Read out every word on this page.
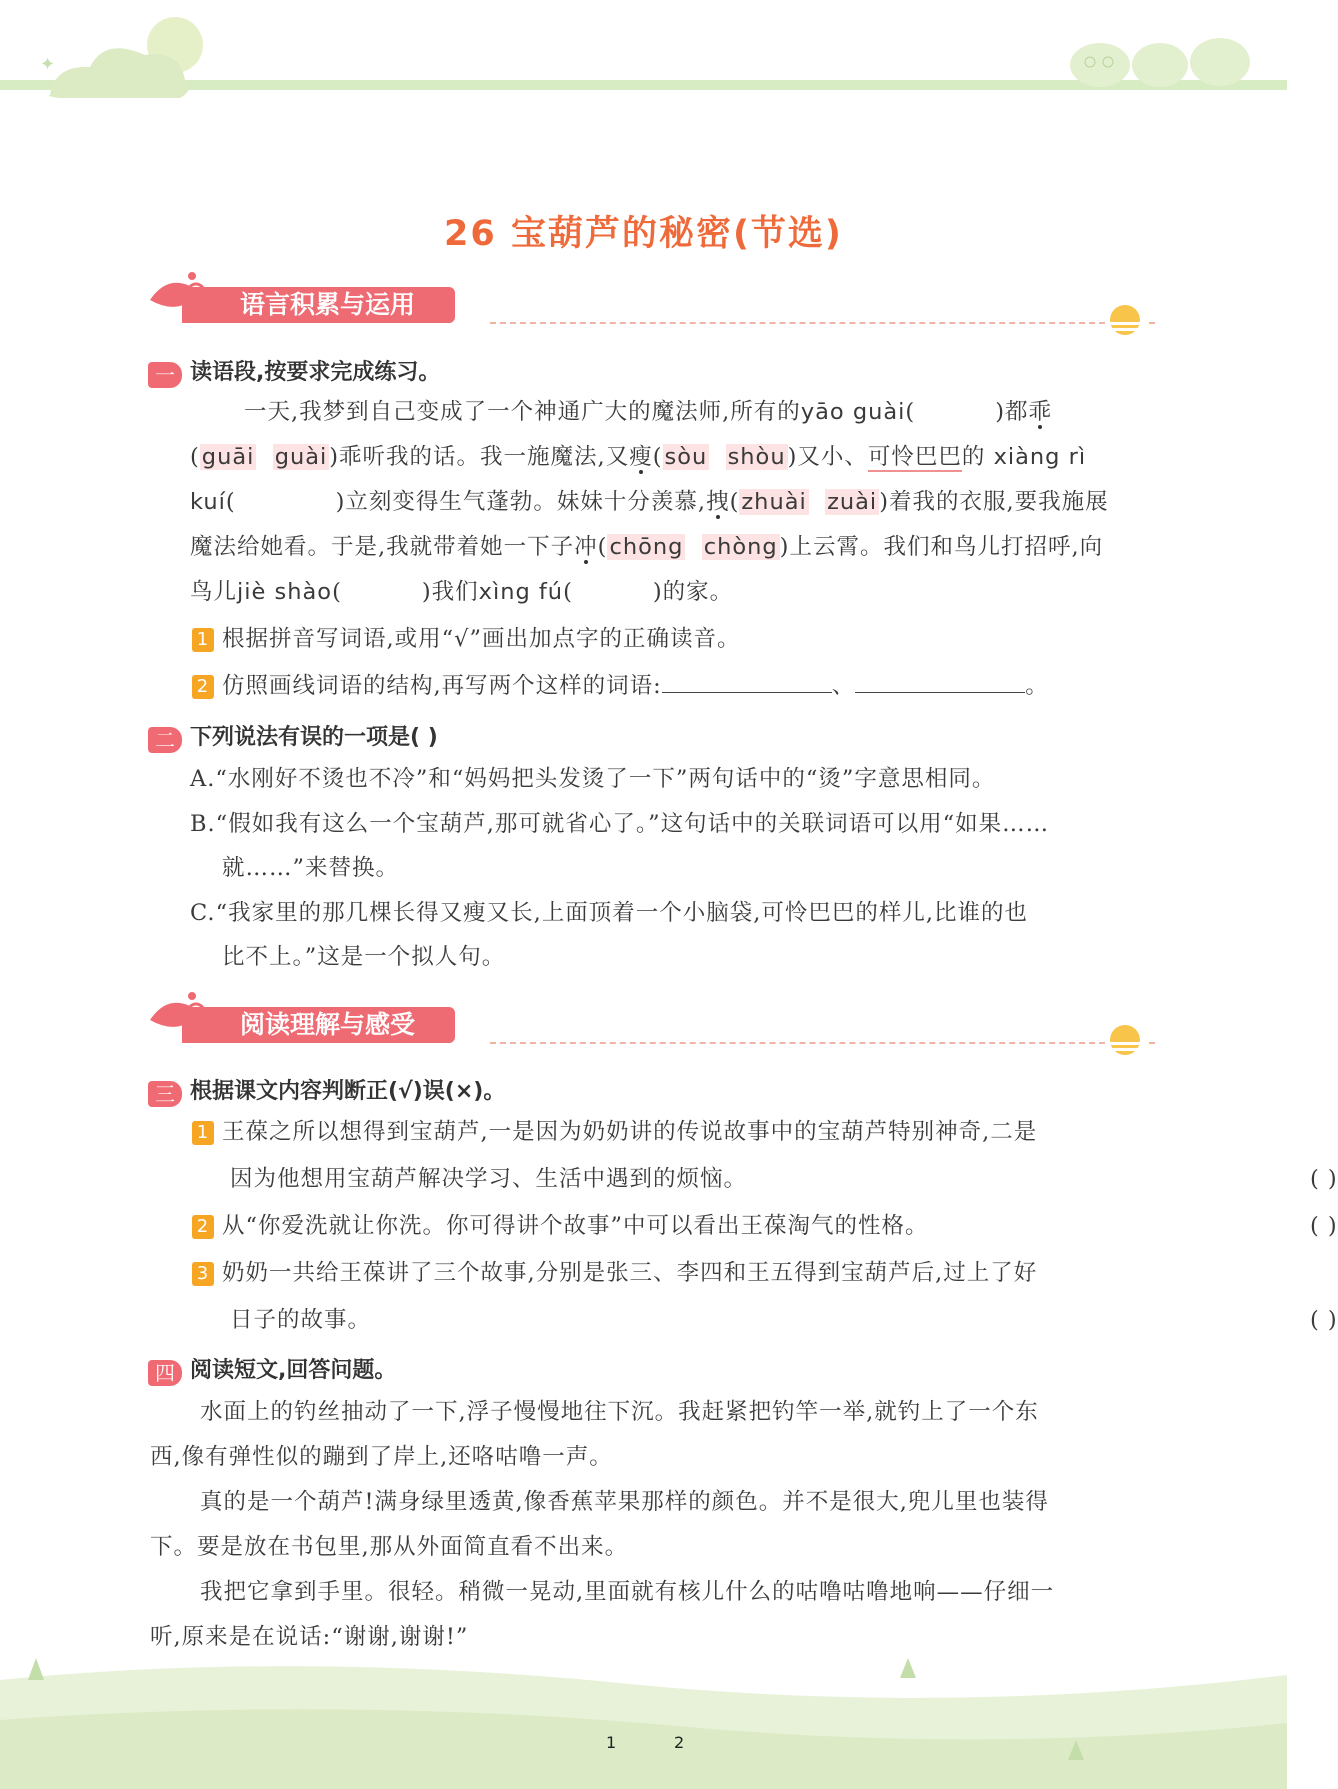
✦
26 宝葫芦的秘密(节选)
语言积累与运用
一 读语段,按要求完成练习。
一天,我梦到自己变成了一个神通广大的魔法师,所有的yāo guài(	)都乖
(guāi guài)乖听我的话。我一施魔法,又瘦(sòu shòu)又小、可怜巴巴的 xiàng rì
kuí(	)立刻变得生气蓬勃。妹妹十分羡慕,拽(zhuài zuài)着我的衣服,要我施展
魔法给她看。于是,我就带着她一下子冲(chōng chòng)上云霄。我们和鸟儿打招呼,向
鸟儿jiè shào(	)我们xìng fú(	)的家。
1 根据拼音写词语,或用“√”画出加点字的正确读音。
2 仿照画线词语的结构,再写两个这样的词语:	、	。
二 下列说法有误的一项是( )
A.“水刚好不烫也不冷”和“妈妈把头发烫了一下”两句话中的“烫”字意思相同。
B.“假如我有这么一个宝葫芦,那可就省心了。”这句话中的关联词语可以用“如果……
就……”来替换。
C.“我家里的那几棵长得又瘦又长,上面顶着一个小脑袋,可怜巴巴的样儿,比谁的也
比不上。”这是一个拟人句。
阅读理解与感受
三 根据课文内容判断正(√)误(×)。
1 王葆之所以想得到宝葫芦,一是因为奶奶讲的传说故事中的宝葫芦特别神奇,二是
因为他想用宝葫芦解决学习、生活中遇到的烦恼。	( )
2 从“你爱洗就让你洗。你可得讲个故事”中可以看出王葆淘气的性格。	( )
3 奶奶一共给王葆讲了三个故事,分别是张三、李四和王五得到宝葫芦后,过上了好
日子的故事。	( )
四 阅读短文,回答问题。
水面上的钓丝抽动了一下,浮子慢慢地往下沉。我赶紧把钓竿一举,就钓上了一个东
西,像有弹性似的蹦到了岸上,还咯咕噜一声。
真的是一个葫芦!满身绿里透黄,像香蕉苹果那样的颜色。并不是很大,兜儿里也装得
下。要是放在书包里,那从外面简直看不出来。
我把它拿到手里。很轻。稍微一晃动,里面就有核儿什么的咕噜咕噜地响——仔细一
听,原来是在说话:“谢谢,谢谢!”
1	2
